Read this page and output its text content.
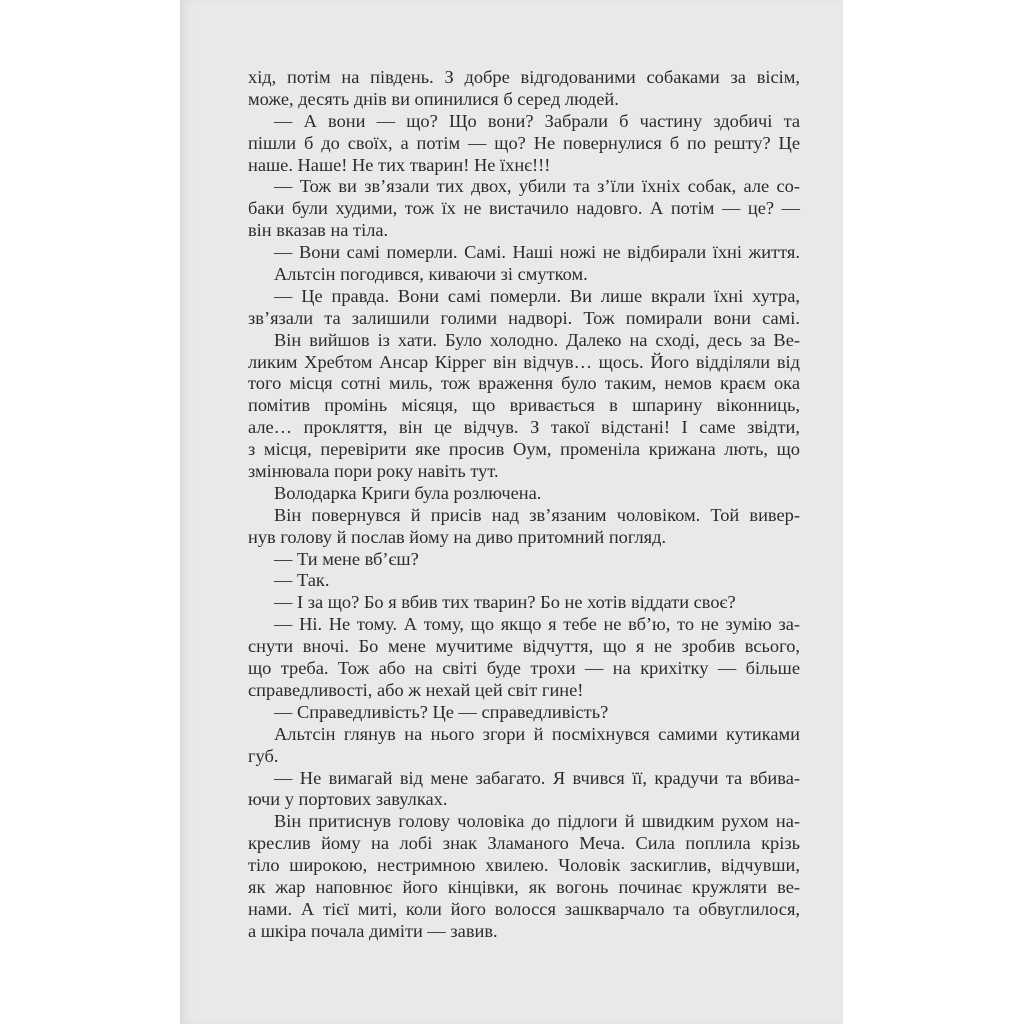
хід, потім на південь. З добре відгодованими собаками за вісім,
може, десять днів ви опинилися б серед людей.
— А вони — що? Що вони? Забрали б частину здобичі та
пішли б до своїх, а потім — що? Не повернулися б по решту? Це
наше. Наше! Не тих тварин! Не їхнє!!!
— Тож ви зв’язали тих двох, убили та з’їли їхніх собак, але со-
баки були худими, тож їх не вистачило надовго. А потім — це? —
він вказав на тіла.
— Вони самі померли. Самі. Наші ножі не відбирали їхні життя.
Альтсін погодився, киваючи зі смутком.
— Це правда. Вони самі померли. Ви лише вкрали їхні хутра,
зв’язали та залишили голими надворі. Тож помирали вони самі.
Він вийшов із хати. Було холодно. Далеко на сході, десь за Ве-
ликим Хребтом Ансар Кіррег він відчув… щось. Його відділяли від
того місця сотні миль, тож враження було таким, немов краєм ока
помітив промінь місяця, що вривається в шпарину віконниць,
але… прокляття, він це відчув. З такої відстані! І саме звідти,
з місця, перевірити яке просив Оум, променіла крижана лють, що
змінювала пори року навіть тут.
Володарка Криги була розлючена.
Він повернувся й присів над зв’язаним чоловіком. Той вивер-
нув голову й послав йому на диво притомний погляд.
— Ти мене вб’єш?
— Так.
— І за що? Бо я вбив тих тварин? Бо не хотів віддати своє?
— Ні. Не тому. А тому, що якщо я тебе не вб’ю, то не зумію за-
снути вночі. Бо мене мучитиме відчуття, що я не зробив всього,
що треба. Тож або на світі буде трохи — на крихітку — більше
справедливості, або ж нехай цей світ гине!
— Справедливість? Це — справедливість?
Альтсін глянув на нього згори й посміхнувся самими кутиками
губ.
— Не вимагай від мене забагато. Я вчився її, крадучи та вбива-
ючи у портових завулках.
Він притиснув голову чоловіка до підлоги й швидким рухом на-
креслив йому на лобі знак Зламаного Меча. Сила поплила крізь
тіло широкою, нестримною хвилею. Чоловік заскиглив, відчувши,
як жар наповнює його кінцівки, як вогонь починає кружляти ве-
нами. А тієї миті, коли його волосся зашкварчало та обвуглилося,
а шкіра почала диміти — завив.
